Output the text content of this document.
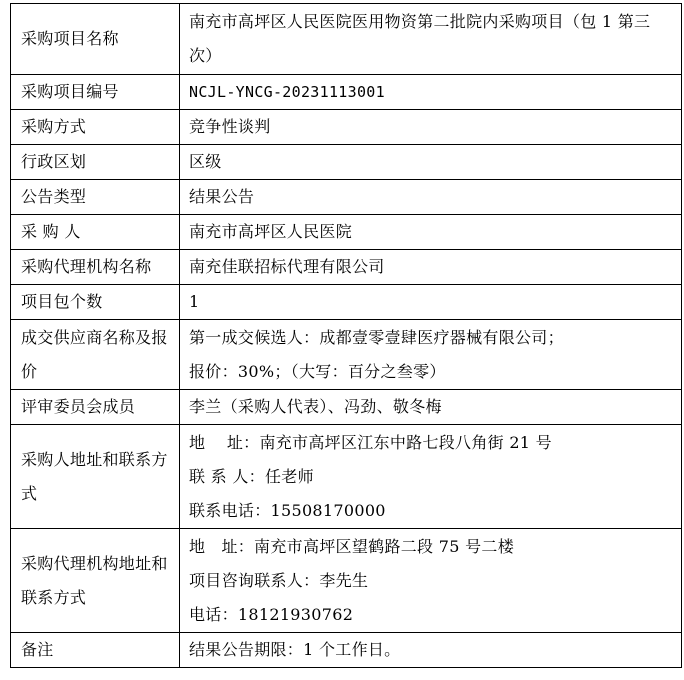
采购项目名称	南充市高坪区人民医院医用物资第二批院内采购项目（包 1 第三次）

采购项目编号	NCJL-YNCG-20231113001

采购方式	竞争性谈判

行政区划	区级

公告类型	结果公告

采 购 人	南充市高坪区人民医院

采购代理机构名称	南充佳联招标代理有限公司

项目包个数	1

成交供应商名称及报价	第一成交候选人：成都壹零壹肆医疗器械有限公司；
报价：30%；（大写：百分之叁零）

评审委员会成员	李兰（采购人代表）、冯劲、敬冬梅

采购人地址和联系方式	地    址：南充市高坪区江东中路七段八角街 21 号
联 系 人：任老师
联系电话：15508170000

采购代理机构地址和联系方式	地   址：南充市高坪区望鹤路二段 75 号二楼
项目咨询联系人：李先生
电话：18121930762

备注	结果公告期限：1 个工作日。
